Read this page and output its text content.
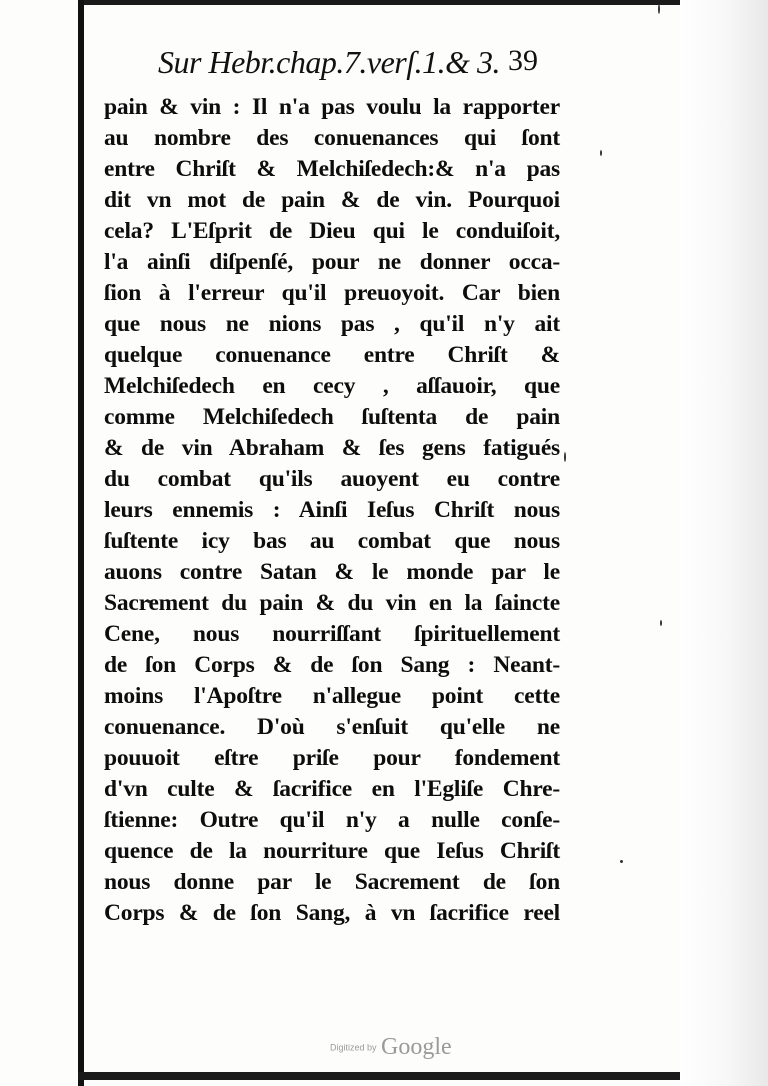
Sur Hebr.chap.7.verſ.1.& 3. 39
pain & vin : Il n'a pas voulu la rapporter
au nombre des conuenances qui ſont
entre Chriſt & Melchiſedech:& n'a pas
dit vn mot de pain & de vin. Pourquoi
cela? L'Eſprit de Dieu qui le conduiſoit,
l'a ainſi diſpenſé, pour ne donner occa-
ſion à l'erreur qu'il preuoyoit. Car bien
que nous ne nions pas , qu'il n'y ait
quelque conuenance entre Chriſt &
Melchiſedech en cecy , aſſauoir, que
comme Melchiſedech ſuſtenta de pain
& de vin Abraham & ſes gens fatigués
du combat qu'ils auoyent eu contre
leurs ennemis : Ainſi Ieſus Chriſt nous
ſuſtente icy bas au combat que nous
auons contre Satan & le monde par le
Sacrement du pain & du vin en la ſaincte
Cene, nous nourriſſant ſpirituellement
de ſon Corps & de ſon Sang : Neant-
moins l'Apoſtre n'allegue point cette
conuenance. D'où s'enſuit qu'elle ne
pouuoit eſtre priſe pour fondement
d'vn culte & ſacrifice en l'Egliſe Chre-
ſtienne: Outre qu'il n'y a nulle conſe-
quence de la nourriture que Ieſus Chriſt
nous donne par le Sacrement de ſon
Corps & de ſon Sang, à vn ſacrifice reel
Digitized by Google
